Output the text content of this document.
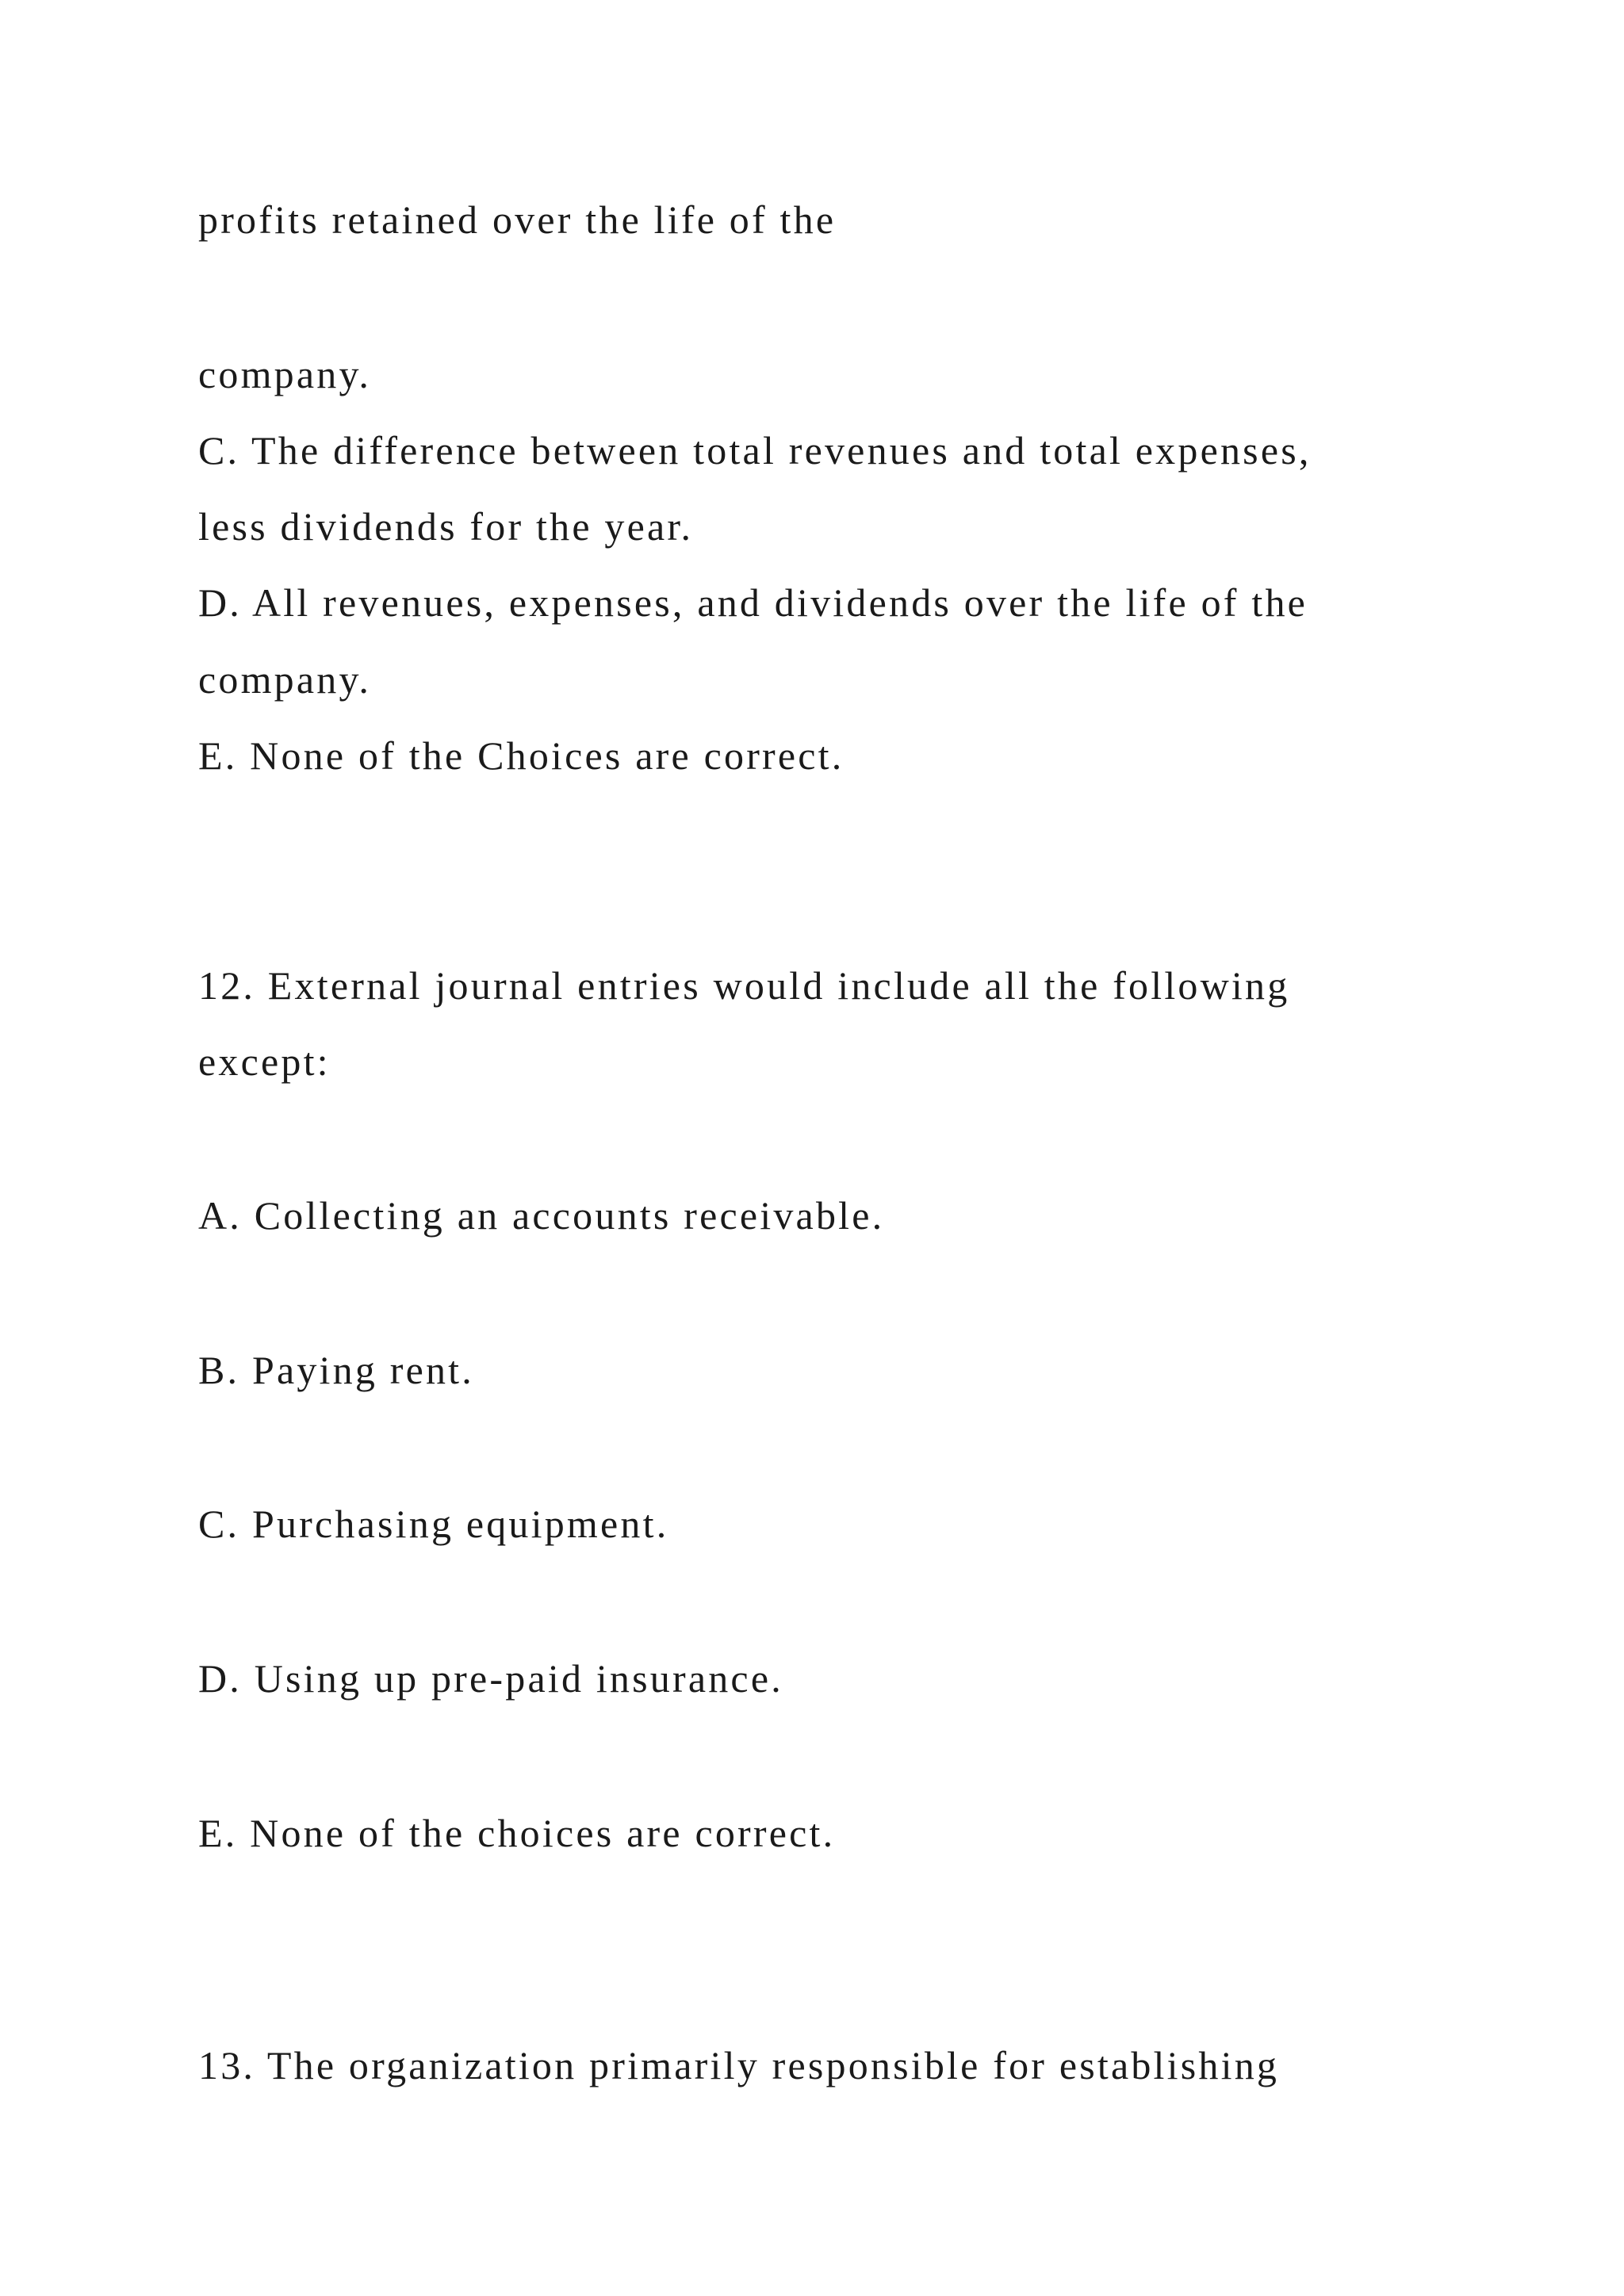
profits retained over the life of the
company.
C. The difference between total revenues and total expenses,
less dividends for the year.
D. All revenues, expenses, and dividends over the life of the
company.
E. None of the Choices are correct.
12. External journal entries would include all the following
except:
A. Collecting an accounts receivable.
B. Paying rent.
C. Purchasing equipment.
D. Using up pre-paid insurance.
E. None of the choices are correct.
13. The organization primarily responsible for establishing
